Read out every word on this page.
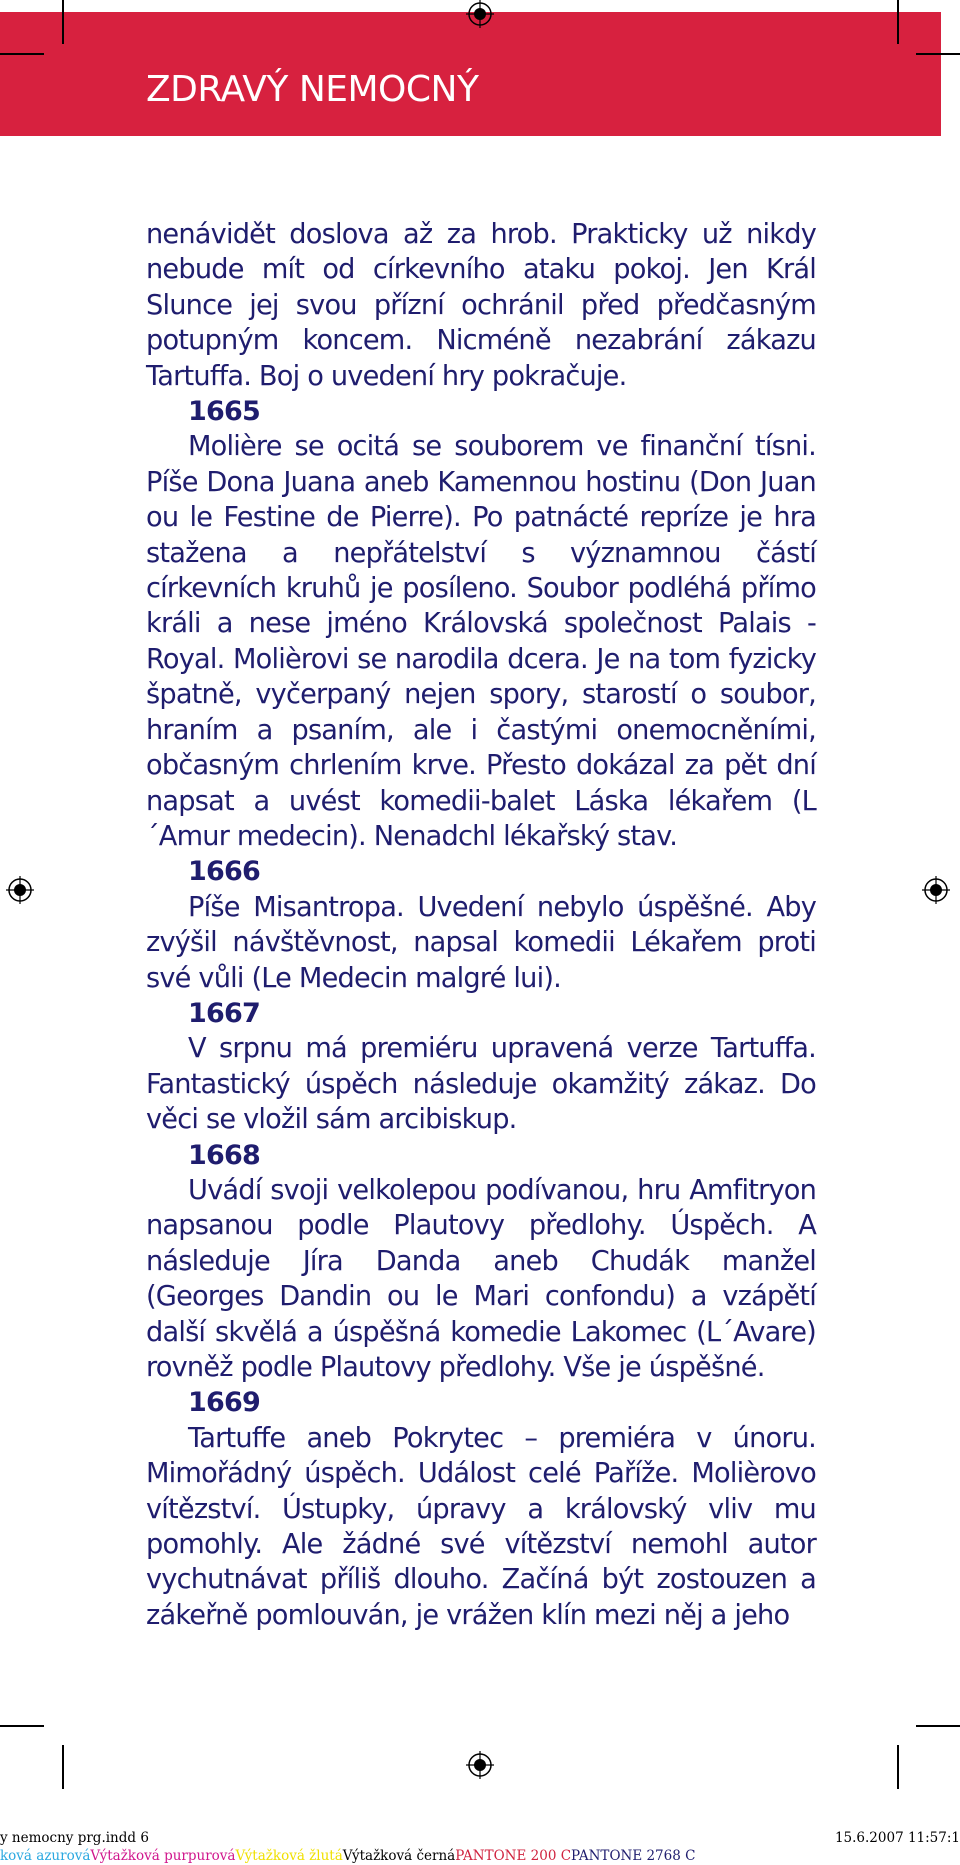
ZDRAVÝ NEMOCNÝ

nenávidět doslova až za hrob. Prakticky už nikdy nebude mít od církevního ataku pokoj. Jen Král Slunce jej svou přízní ochránil před předčasným potupným koncem. Nicméně nezabrání zákazu Tartuffa. Boj o uvedení hry pokračuje.

1665

Molière se ocitá se souborem ve finanční tísni. Píše Dona Juana aneb Kamennou hostinu (Don Juan ou le Festine de Pierre). Po patnácté repríze je hra stažena a nepřátelství s významnou částí církevních kruhů je posíleno. Soubor podléhá přímo králi a nese jméno Královská společnost Palais -Royal. Molièrovi se narodila dcera. Je na tom fyzicky špatně, vyčerpaný nejen spory, starostí o soubor, hraním a psaním, ale i častými onemocněními, občasným chrlením krve. Přesto dokázal za pět dní napsat a uvést komedii-balet Láska lékařem (L´Amur medecin). Nenadchl lékařský stav.

1666

Píše Misantropa. Uvedení nebylo úspěšné. Aby zvýšil návštěvnost, napsal komedii Lékařem proti své vůli (Le Medecin malgré lui).

1667

V srpnu má premiéru upravená verze Tartuffa. Fantastický úspěch následuje okamžitý zákaz. Do věci se vložil sám arcibiskup.

1668

Uvádí svoji velkolepou podívanou, hru Amfitryon napsanou podle Plautovy předlohy. Úspěch. A následuje Jíra Danda aneb Chudák manžel (Georges Dandin ou le Mari confondu) a vzápětí další skvělá a úspěšná komedie Lakomec (L´Avare) rovněž podle Plautovy předlohy. Vše je úspěšné.

1669

Tartuffe aneb Pokrytec – premiéra v únoru. Mimořádný úspěch. Událost celé Paříže. Molièrovo vítězství. Ústupky, úpravy a královský vliv mu pomohly. Ale žádné své vítězství nemohl autor vychutnávat příliš dlouho. Začíná být zostouzen a zákeřně pomlouván, je vrážen klín mezi něj a jeho

y nemocny prg.indd 6	15.6.2007 11:57:1
ková azurováVýtažková purpurováVýtažková žlutáVýtažková černáPANTONE 200 CPANTONE 2768 C
